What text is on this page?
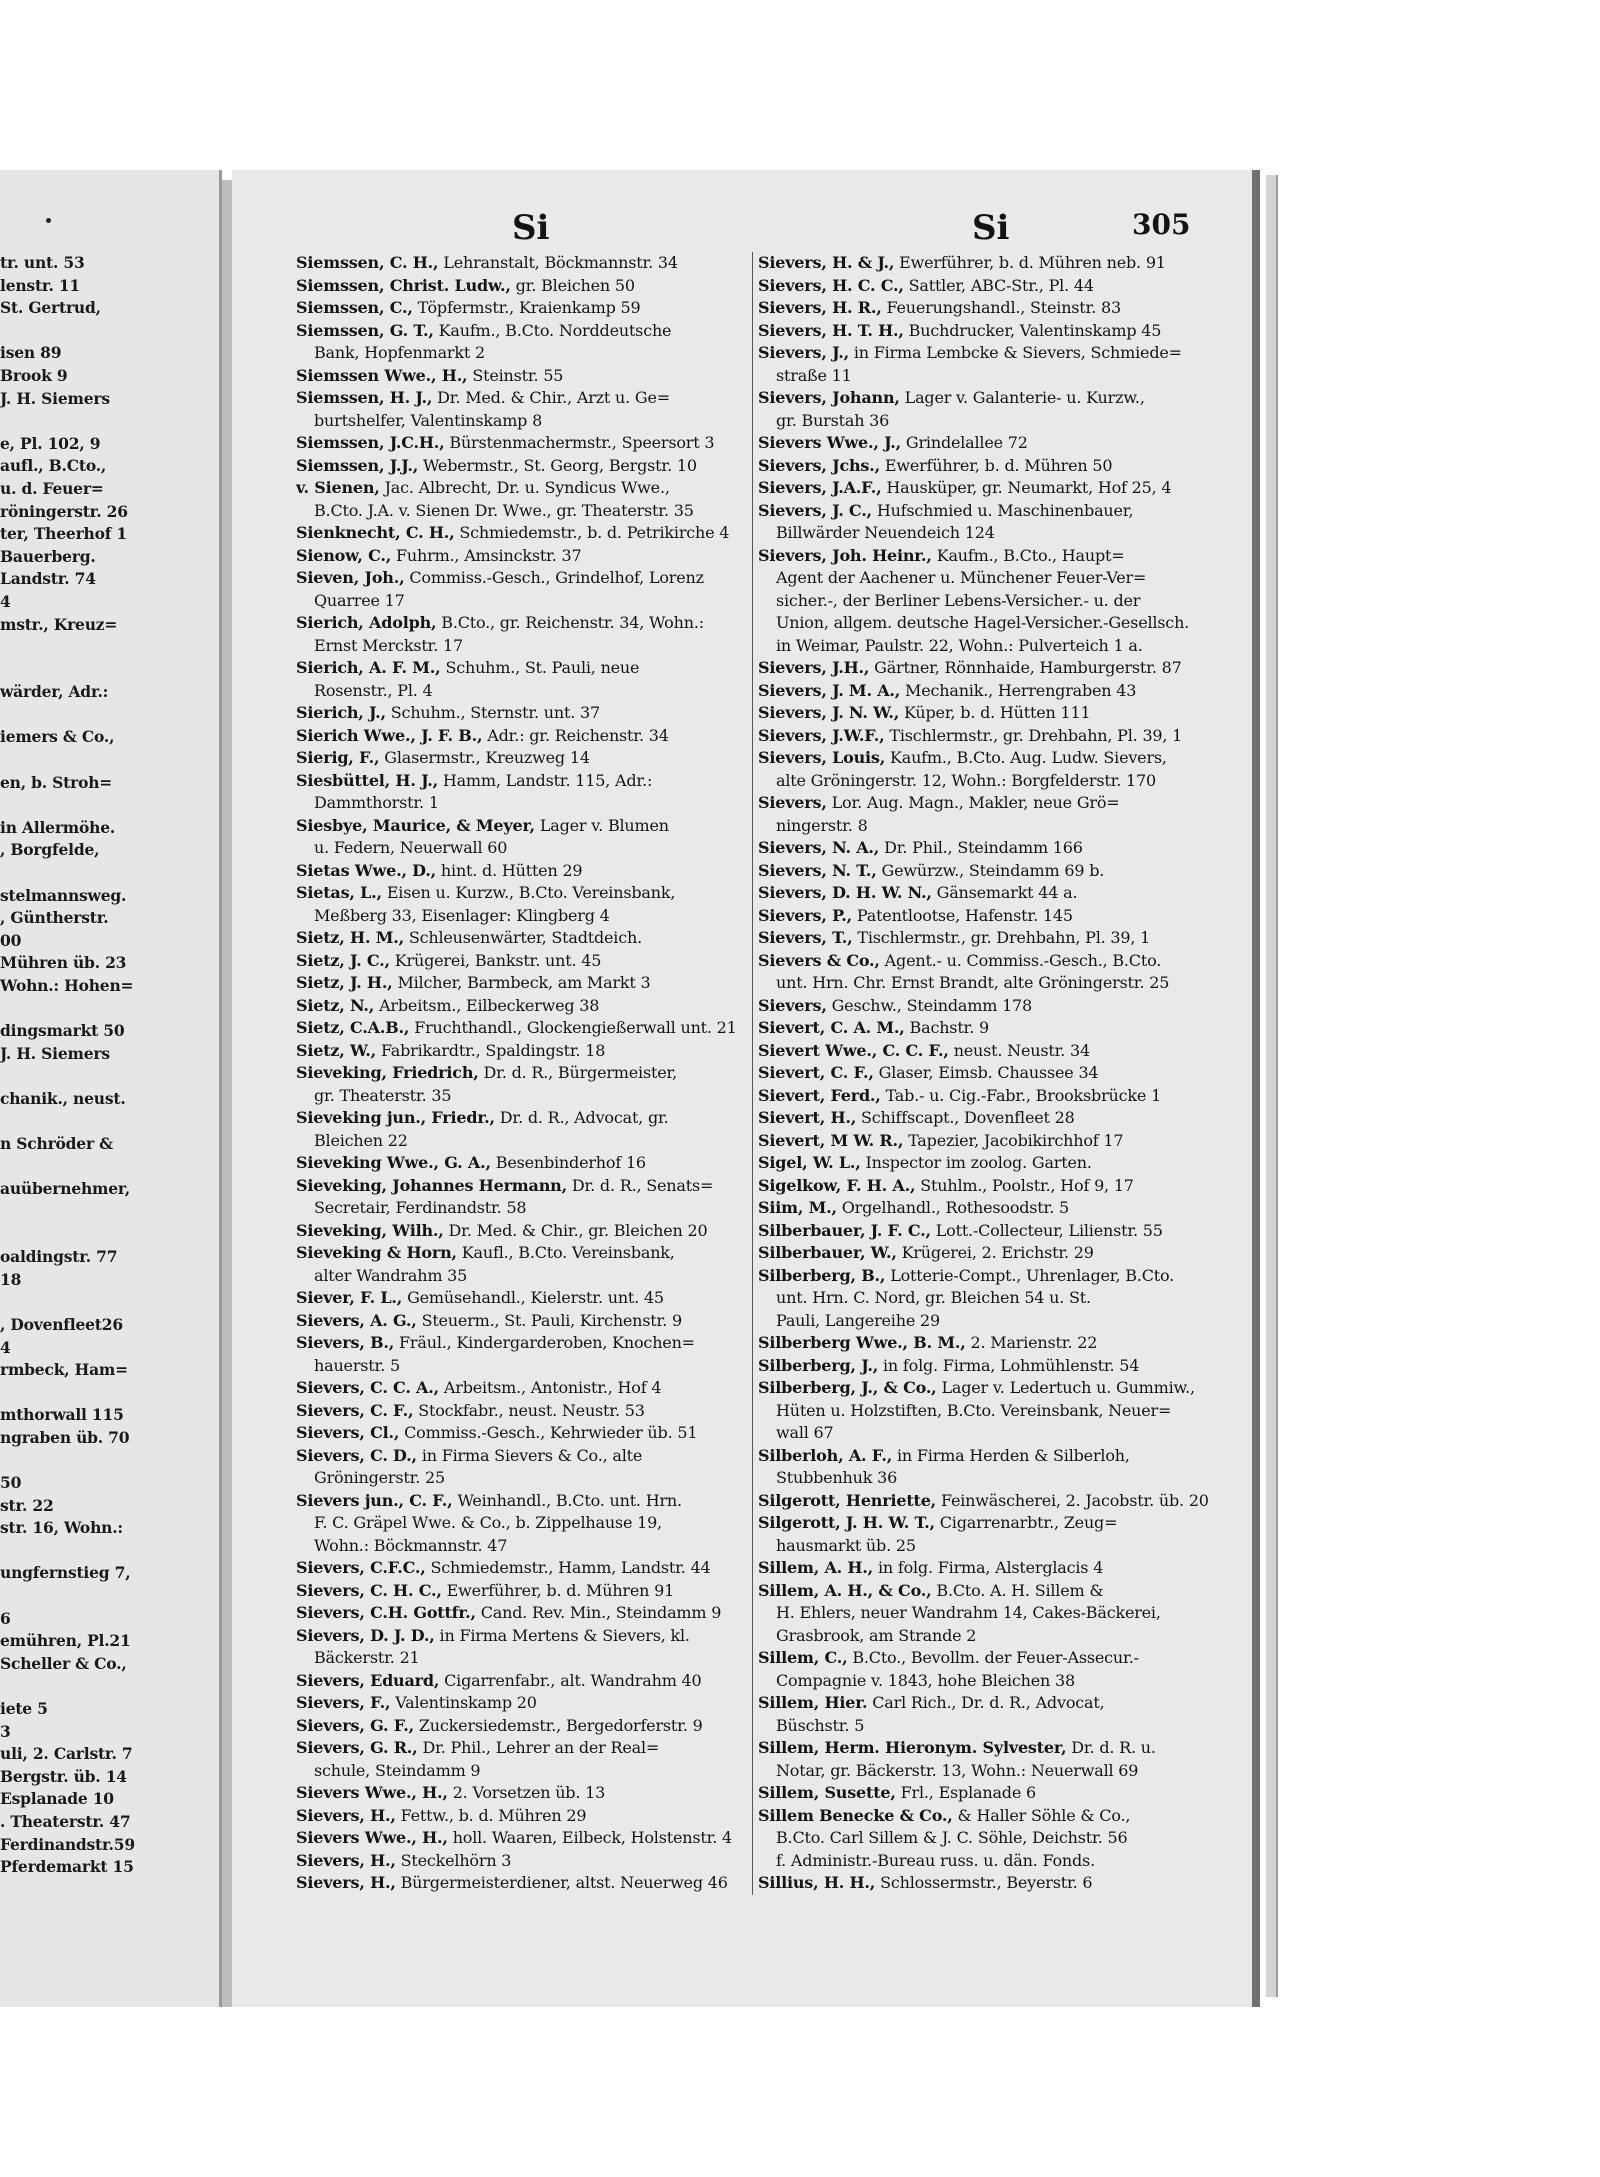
tr. unt. 53
lenstr. 11
St. Gertrud,

isen 89
Brook 9
J. H. Siemers

e, Pl. 102, 9
aufl., B.Cto.,
u. d. Feuer=
röningerstr. 26
ter, Theerhof 1
Bauerberg.
Landstr. 74
4
mstr., Kreuz=

wärder, Adr.:

iemers & Co.,

en, b. Stroh=

in Allermöhe.
, Borgfelde,

stelmannsweg.
, Güntherstr.
00
Mühren üb. 23
Wohn.: Hohen=

dingsmarkt 50
J. H. Siemers

chanik., neust.

n Schröder &

auübernehmer,

oaldingstr. 77
18

, Dovenfleet26
4
rmbeck, Ham=

mthorwall 115
ngraben üb. 70

50
str. 22
str. 16, Wohn.:

ungfernstieg 7,

6
emühren, Pl.21
Scheller & Co.,

iete 5
3
uli, 2. Carlstr. 7
Bergstr. üb. 14
Esplanade 10
. Theaterstr. 47
Ferdinandstr.59
Pferdemarkt 15
Si	Si	305
Siemssen, C. H., Lehranstalt, Böckmannstr. 34
Siemssen, Christ. Ludw., gr. Bleichen 50
Siemssen, C., Töpfermstr., Kraienkamp 59
Siemssen, G. T., Kaufm., B.Cto. Norddeutsche
Bank, Hopfenmarkt 2
Siemssen Wwe., H., Steinstr. 55
Siemssen, H. J., Dr. Med. & Chir., Arzt u. Ge=
burtshelfer, Valentinskamp 8
Siemssen, J.C.H., Bürstenmachermstr., Speersort 3
Siemssen, J.J., Webermstr., St. Georg, Bergstr. 10
v. Sienen, Jac. Albrecht, Dr. u. Syndicus Wwe.,
B.Cto. J.A. v. Sienen Dr. Wwe., gr. Theaterstr. 35
Sienknecht, C. H., Schmiedemstr., b. d. Petrikirche 4
Sienow, C., Fuhrm., Amsinckstr. 37
Sieven, Joh., Commiss.-Gesch., Grindelhof, Lorenz
Quarree 17
Sierich, Adolph, B.Cto., gr. Reichenstr. 34, Wohn.:
Ernst Merckstr. 17
Sierich, A. F. M., Schuhm., St. Pauli, neue
Rosenstr., Pl. 4
Sierich, J., Schuhm., Sternstr. unt. 37
Sierich Wwe., J. F. B., Adr.: gr. Reichenstr. 34
Sierig, F., Glasermstr., Kreuzweg 14
Siesbüttel, H. J., Hamm, Landstr. 115, Adr.:
Dammthorstr. 1
Siesbye, Maurice, & Meyer, Lager v. Blumen
u. Federn, Neuerwall 60
Sietas Wwe., D., hint. d. Hütten 29
Sietas, L., Eisen u. Kurzw., B.Cto. Vereinsbank,
Meßberg 33, Eisenlager: Klingberg 4
Sietz, H. M., Schleusenwärter, Stadtdeich.
Sietz, J. C., Krügerei, Bankstr. unt. 45
Sietz, J. H., Milcher, Barmbeck, am Markt 3
Sietz, N., Arbeitsm., Eilbeckerweg 38
Sietz, C.A.B., Fruchthandl., Glockengießerwall unt. 21
Sietz, W., Fabrikardtr., Spaldingstr. 18
Sieveking, Friedrich, Dr. d. R., Bürgermeister,
gr. Theaterstr. 35
Sieveking jun., Friedr., Dr. d. R., Advocat, gr.
Bleichen 22
Sieveking Wwe., G. A., Besenbinderhof 16
Sieveking, Johannes Hermann, Dr. d. R., Senats=
Secretair, Ferdinandstr. 58
Sieveking, Wilh., Dr. Med. & Chir., gr. Bleichen 20
Sieveking & Horn, Kaufl., B.Cto. Vereinsbank,
alter Wandrahm 35
Siever, F. L., Gemüsehandl., Kielerstr. unt. 45
Sievers, A. G., Steuerm., St. Pauli, Kirchenstr. 9
Sievers, B., Fräul., Kindergarderoben, Knochen=
hauerstr. 5
Sievers, C. C. A., Arbeitsm., Antonistr., Hof 4
Sievers, C. F., Stockfabr., neust. Neustr. 53
Sievers, Cl., Commiss.-Gesch., Kehrwieder üb. 51
Sievers, C. D., in Firma Sievers & Co., alte
Gröningerstr. 25
Sievers jun., C. F., Weinhandl., B.Cto. unt. Hrn.
F. C. Gräpel Wwe. & Co., b. Zippelhause 19,
Wohn.: Böckmannstr. 47
Sievers, C.F.C., Schmiedemstr., Hamm, Landstr. 44
Sievers, C. H. C., Ewerführer, b. d. Mühren 91
Sievers, C.H. Gottfr., Cand. Rev. Min., Steindamm 9
Sievers, D. J. D., in Firma Mertens & Sievers, kl.
Bäckerstr. 21
Sievers, Eduard, Cigarrenfabr., alt. Wandrahm 40
Sievers, F., Valentinskamp 20
Sievers, G. F., Zuckersiedemstr., Bergedorferstr. 9
Sievers, G. R., Dr. Phil., Lehrer an der Real=
schule, Steindamm 9
Sievers Wwe., H., 2. Vorsetzen üb. 13
Sievers, H., Fettw., b. d. Mühren 29
Sievers Wwe., H., holl. Waaren, Eilbeck, Holstenstr. 4
Sievers, H., Steckelhörn 3
Sievers, H., Bürgermeisterdiener, altst. Neuerweg 46
Sievers, H. & J., Ewerführer, b. d. Mühren neb. 91
Sievers, H. C. C., Sattler, ABC-Str., Pl. 44
Sievers, H. R., Feuerungshandl., Steinstr. 83
Sievers, H. T. H., Buchdrucker, Valentinskamp 45
Sievers, J., in Firma Lembcke & Sievers, Schmiede=
straße 11
Sievers, Johann, Lager v. Galanterie- u. Kurzw.,
gr. Burstah 36
Sievers Wwe., J., Grindelallee 72
Sievers, Jchs., Ewerführer, b. d. Mühren 50
Sievers, J.A.F., Hausküper, gr. Neumarkt, Hof 25, 4
Sievers, J. C., Hufschmied u. Maschinenbauer,
Billwärder Neuendeich 124
Sievers, Joh. Heinr., Kaufm., B.Cto., Haupt=
Agent der Aachener u. Münchener Feuer-Ver=
sicher.-, der Berliner Lebens-Versicher.- u. der
Union, allgem. deutsche Hagel-Versicher.-Gesellsch.
in Weimar, Paulstr. 22, Wohn.: Pulverteich 1 a.
Sievers, J.H., Gärtner, Rönnhaide, Hamburgerstr. 87
Sievers, J. M. A., Mechanik., Herrengraben 43
Sievers, J. N. W., Küper, b. d. Hütten 111
Sievers, J.W.F., Tischlermstr., gr. Drehbahn, Pl. 39, 1
Sievers, Louis, Kaufm., B.Cto. Aug. Ludw. Sievers,
alte Gröningerstr. 12, Wohn.: Borgfelderstr. 170
Sievers, Lor. Aug. Magn., Makler, neue Grö=
ningerstr. 8
Sievers, N. A., Dr. Phil., Steindamm 166
Sievers, N. T., Gewürzw., Steindamm 69 b.
Sievers, D. H. W. N., Gänsemarkt 44 a.
Sievers, P., Patentlootse, Hafenstr. 145
Sievers, T., Tischlermstr., gr. Drehbahn, Pl. 39, 1
Sievers & Co., Agent.- u. Commiss.-Gesch., B.Cto.
unt. Hrn. Chr. Ernst Brandt, alte Gröningerstr. 25
Sievers, Geschw., Steindamm 178
Sievert, C. A. M., Bachstr. 9
Sievert Wwe., C. C. F., neust. Neustr. 34
Sievert, C. F., Glaser, Eimsb. Chaussee 34
Sievert, Ferd., Tab.- u. Cig.-Fabr., Brooksbrücke 1
Sievert, H., Schiffscapt., Dovenfleet 28
Sievert, M W. R., Tapezier, Jacobikirchhof 17
Sigel, W. L., Inspector im zoolog. Garten.
Sigelkow, F. H. A., Stuhlm., Poolstr., Hof 9, 17
Siim, M., Orgelhandl., Rothesoodstr. 5
Silberbauer, J. F. C., Lott.-Collecteur, Lilienstr. 55
Silberbauer, W., Krügerei, 2. Erichstr. 29
Silberberg, B., Lotterie-Compt., Uhrenlager, B.Cto.
unt. Hrn. C. Nord, gr. Bleichen 54 u. St.
Pauli, Langereihe 29
Silberberg Wwe., B. M., 2. Marienstr. 22
Silberberg, J., in folg. Firma, Lohmühlenstr. 54
Silberberg, J., & Co., Lager v. Ledertuch u. Gummiw.,
Hüten u. Holzstiften, B.Cto. Vereinsbank, Neuer=
wall 67
Silberloh, A. F., in Firma Herden & Silberloh,
Stubbenhuk 36
Silgerott, Henriette, Feinwäscherei, 2. Jacobstr. üb. 20
Silgerott, J. H. W. T., Cigarrenarbtr., Zeug=
hausmarkt üb. 25
Sillem, A. H., in folg. Firma, Alsterglacis 4
Sillem, A. H., & Co., B.Cto. A. H. Sillem &
H. Ehlers, neuer Wandrahm 14, Cakes-Bäckerei,
Grasbrook, am Strande 2
Sillem, C., B.Cto., Bevollm. der Feuer-Assecur.-
Compagnie v. 1843, hohe Bleichen 38
Sillem, Hier. Carl Rich., Dr. d. R., Advocat,
Büschstr. 5
Sillem, Herm. Hieronym. Sylvester, Dr. d. R. u.
Notar, gr. Bäckerstr. 13, Wohn.: Neuerwall 69
Sillem, Susette, Frl., Esplanade 6
Sillem Benecke & Co., & Haller Söhle & Co.,
B.Cto. Carl Sillem & J. C. Söhle, Deichstr. 56
f. Administr.-Bureau russ. u. dän. Fonds.
Sillius, H. H., Schlossermstr., Beyerstr. 6
